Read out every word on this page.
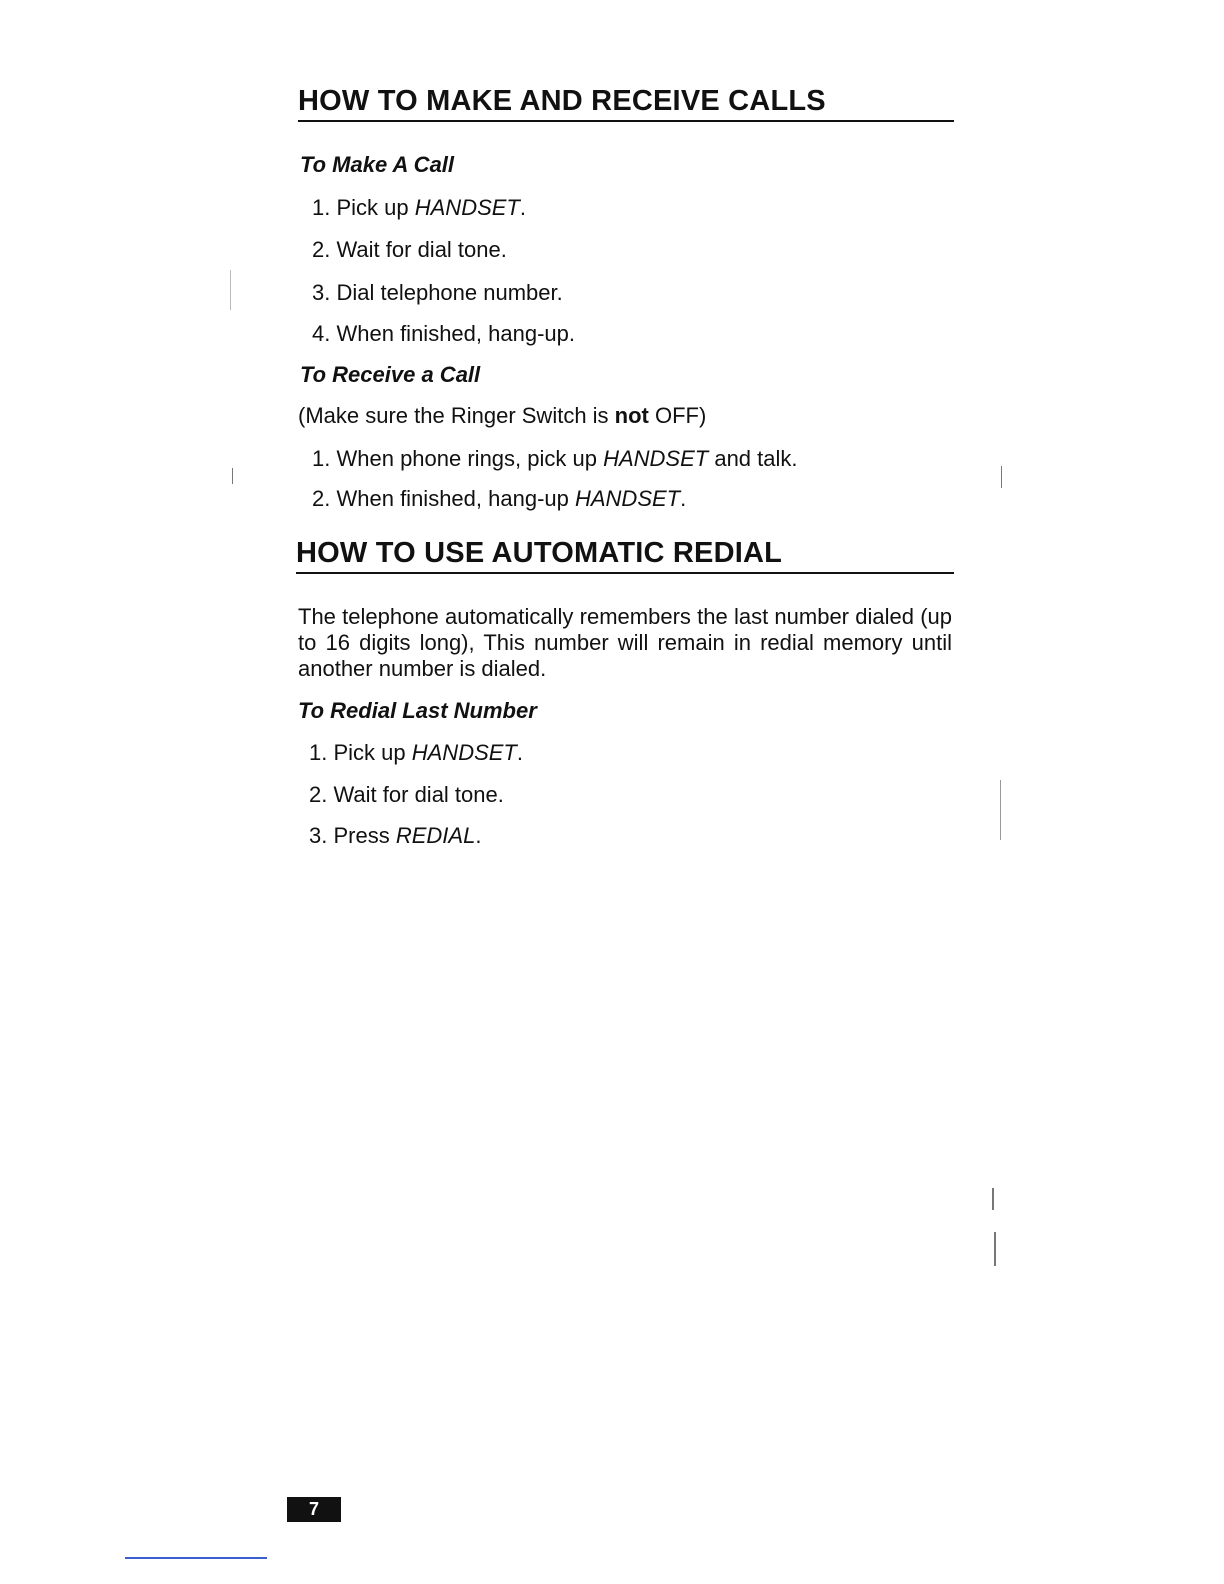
HOW TO MAKE AND RECEIVE CALLS
To Make A Call
1. Pick up HANDSET.
2. Wait for dial tone.
3. Dial telephone number.
4. When finished, hang-up.
To Receive a Call
(Make sure the Ringer Switch is not OFF)
1. When phone rings, pick up HANDSET and talk.
2. When finished, hang-up HANDSET.
HOW TO USE AUTOMATIC REDIAL
The telephone automatically remembers the last number dialed (up to 16 digits long), This number will remain in redial memory until another number is dialed.
To Redial Last Number
1. Pick up HANDSET.
2. Wait for dial tone.
3. Press REDIAL.
7
